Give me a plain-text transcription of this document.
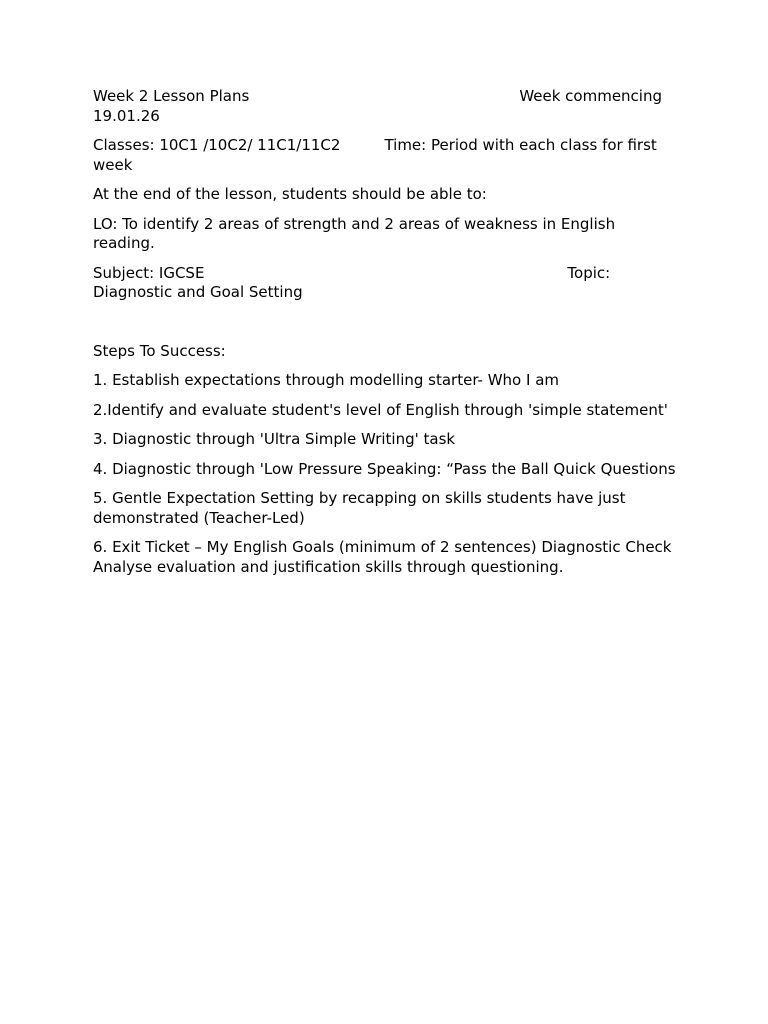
Week 2 Lesson Plans	Week commencing 19.01.26

Classes: 10C1 /10C2/ 11C1/11C2	Time: Period with each class for first week

At the end of the lesson, students should be able to:

LO: To identify 2 areas of strength and 2 areas of weakness in English reading.

Subject: IGCSE	Topic: Diagnostic and Goal Setting

Steps To Success:

1. Establish expectations through modelling starter- Who I am

2.Identify and evaluate student's level of English through 'simple statement'

3. Diagnostic through 'Ultra Simple Writing' task

4. Diagnostic through 'Low Pressure Speaking: “Pass the Ball Quick Questions

5. Gentle Expectation Setting by recapping on skills students have just demonstrated (Teacher-Led)

6. Exit Ticket – My English Goals (minimum of 2 sentences) Diagnostic Check Analyse evaluation and justification skills through questioning.
